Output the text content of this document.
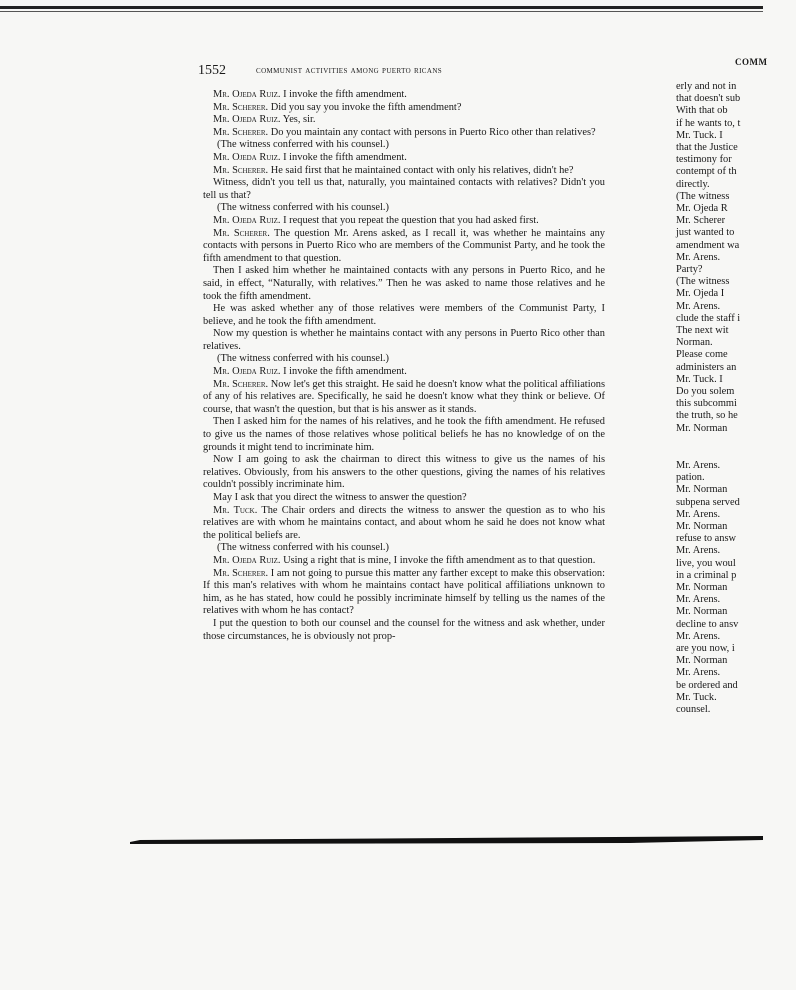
1552	communist activities among puerto ricans
COMM

Mr. Ojeda Ruiz. I invoke the fifth amendment.

Mr. Scherer. Did you say you invoke the fifth amendment?

Mr. Ojeda Ruiz. Yes, sir.

Mr. Scherer. Do you maintain any contact with persons in Puerto Rico other than relatives?

(The witness conferred with his counsel.)

Mr. Ojeda Ruiz. I invoke the fifth amendment.

Mr. Scherer. He said first that he maintained contact with only his relatives, didn't he?

Witness, didn't you tell us that, naturally, you maintained contacts with relatives? Didn't you tell us that?

(The witness conferred with his counsel.)

Mr. Ojeda Ruiz. I request that you repeat the question that you had asked first.

Mr. Scherer. The question Mr. Arens asked, as I recall it, was whether he maintains any contacts with persons in Puerto Rico who are members of the Communist Party, and he took the fifth amendment to that question.

Then I asked him whether he maintained contacts with any persons in Puerto Rico, and he said, in effect, “Naturally, with relatives.” Then he was asked to name those relatives and he took the fifth amendment.

He was asked whether any of those relatives were members of the Communist Party, I believe, and he took the fifth amendment.

Now my question is whether he maintains contact with any persons in Puerto Rico other than relatives.

(The witness conferred with his counsel.)

Mr. Ojeda Ruiz. I invoke the fifth amendment.

Mr. Scherer. Now let's get this straight. He said he doesn't know what the political affiliations of any of his relatives are. Specifically, he said he doesn't know what they think or believe. Of course, that wasn't the question, but that is his answer as it stands.

Then I asked him for the names of his relatives, and he took the fifth amendment. He refused to give us the names of those relatives whose political beliefs he has no knowledge of on the grounds it might tend to incriminate him.

Now I am going to ask the chairman to direct this witness to give us the names of his relatives. Obviously, from his answers to the other questions, giving the names of his relatives couldn't possibly incriminate him.

May I ask that you direct the witness to answer the question?

Mr. Tuck. The Chair orders and directs the witness to answer the question as to who his relatives are with whom he maintains contact, and about whom he said he does not know what the political beliefs are.

(The witness conferred with his counsel.)

Mr. Ojeda Ruiz. Using a right that is mine, I invoke the fifth amendment as to that question.

Mr. Scherer. I am not going to pursue this matter any farther except to make this observation: If this man's relatives with whom he maintains contact have political affiliations unknown to him, as he has stated, how could he possibly incriminate himself by telling us the names of the relatives with whom he has contact?

I put the question to both our counsel and the counsel for the witness and ask whether, under those circumstances, he is obviously not prop-

erly and not in

that doesn't sub

With that ob

if he wants to, t

Mr. Tuck. I

that the Justice

testimony for

contempt of th

directly.

(The witness

Mr. Ojeda R

Mr. Scherer

just wanted to

amendment wa

Mr. Arens.

Party?

(The witness

Mr. Ojeda I

Mr. Arens.

clude the staff i

The next wit

Norman.

Please come

administers an

Mr. Tuck. I

Do you solem

this subcommi

the truth, so he

Mr. Norman

Mr. Arens.

pation.

Mr. Norman

subpena served

Mr. Arens.

Mr. Norman

refuse to answ

Mr. Arens.

live, you woul

in a criminal p

Mr. Norman

Mr. Arens.

Mr. Norman

decline to ansv

Mr. Arens.

are you now, i

Mr. Norman

Mr. Arens.

be ordered and

Mr. Tuck.

counsel.
